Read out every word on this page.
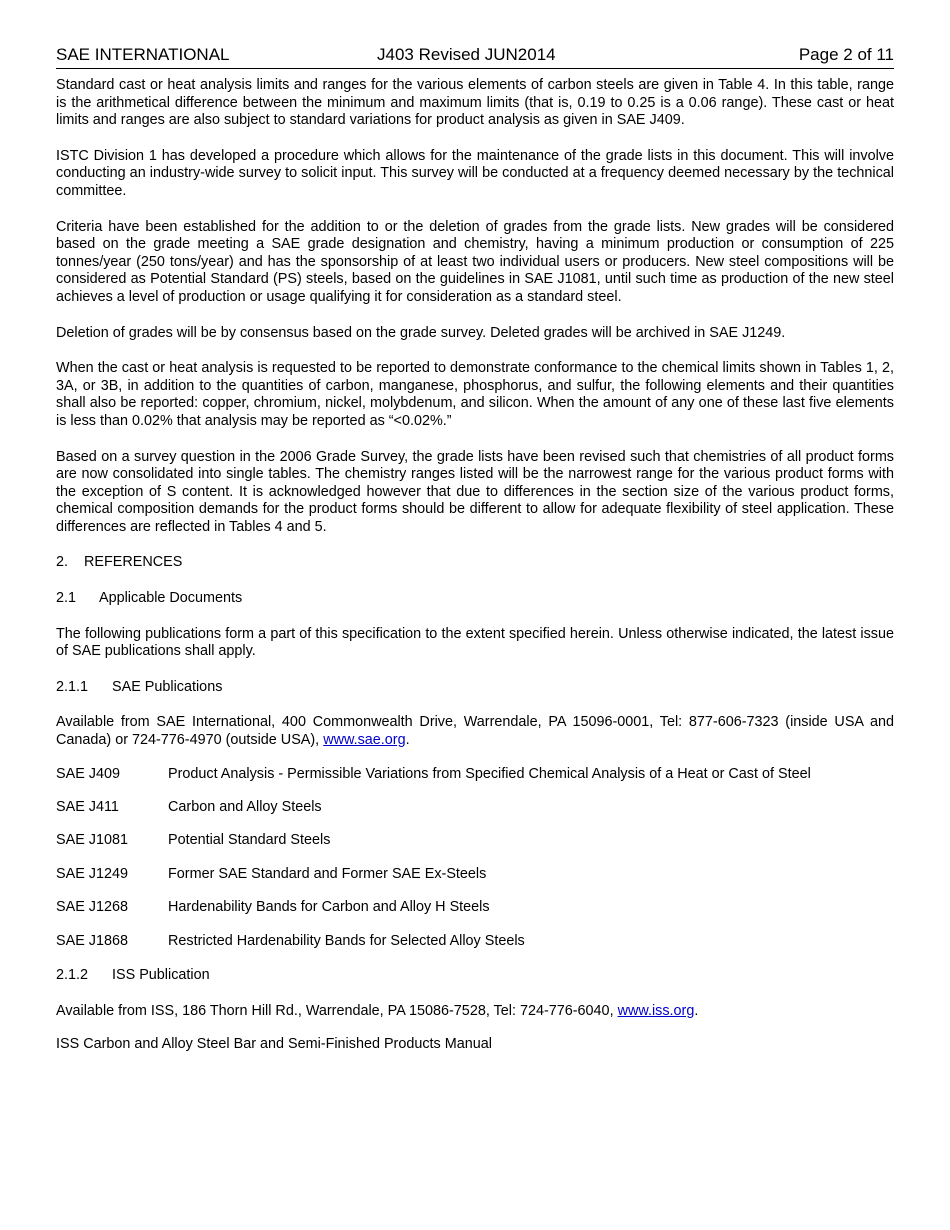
SAE INTERNATIONAL	J403 Revised JUN2014	Page 2 of 11

Standard cast or heat analysis limits and ranges for the various elements of carbon steels are given in Table 4. In this table, range is the arithmetical difference between the minimum and maximum limits (that is, 0.19 to 0.25 is a 0.06 range). These cast or heat limits and ranges are also subject to standard variations for product analysis as given in SAE J409.

ISTC Division 1 has developed a procedure which allows for the maintenance of the grade lists in this document. This will involve conducting an industry-wide survey to solicit input. This survey will be conducted at a frequency deemed necessary by the technical committee.

Criteria have been established for the addition to or the deletion of grades from the grade lists. New grades will be considered based on the grade meeting a SAE grade designation and chemistry, having a minimum production or consumption of 225 tonnes/year (250 tons/year) and has the sponsorship of at least two individual users or producers. New steel compositions will be considered as Potential Standard (PS) steels, based on the guidelines in SAE J1081, until such time as production of the new steel achieves a level of production or usage qualifying it for consideration as a standard steel.

Deletion of grades will be by consensus based on the grade survey. Deleted grades will be archived in SAE J1249.

When the cast or heat analysis is requested to be reported to demonstrate conformance to the chemical limits shown in Tables 1, 2, 3A, or 3B, in addition to the quantities of carbon, manganese, phosphorus, and sulfur, the following elements and their quantities shall also be reported: copper, chromium, nickel, molybdenum, and silicon. When the amount of any one of these last five elements is less than 0.02% that analysis may be reported as “<0.02%.”

Based on a survey question in the 2006 Grade Survey, the grade lists have been revised such that chemistries of all product forms are now consolidated into single tables. The chemistry ranges listed will be the narrowest range for the various product forms with the exception of S content. It is acknowledged however that due to differences in the section size of the various product forms, chemical composition demands for the product forms should be different to allow for adequate flexibility of steel application. These differences are reflected in Tables 4 and 5.

2. REFERENCES
2.1 Applicable Documents

The following publications form a part of this specification to the extent specified herein. Unless otherwise indicated, the latest issue of SAE publications shall apply.

2.1.1 SAE Publications

Available from SAE International, 400 Commonwealth Drive, Warrendale, PA 15096-0001, Tel: 877-606-7323 (inside USA and Canada) or 724-776-4970 (outside USA), www.sae.org.

SAE J409	Product Analysis - Permissible Variations from Specified Chemical Analysis of a Heat or Cast of Steel
SAE J411	Carbon and Alloy Steels
SAE J1081	Potential Standard Steels
SAE J1249	Former SAE Standard and Former SAE Ex-Steels
SAE J1268	Hardenability Bands for Carbon and Alloy H Steels
SAE J1868	Restricted Hardenability Bands for Selected Alloy Steels
2.1.2 ISS Publication

Available from ISS, 186 Thorn Hill Rd., Warrendale, PA 15086-7528, Tel: 724-776-6040, www.iss.org.

ISS Carbon and Alloy Steel Bar and Semi-Finished Products Manual
